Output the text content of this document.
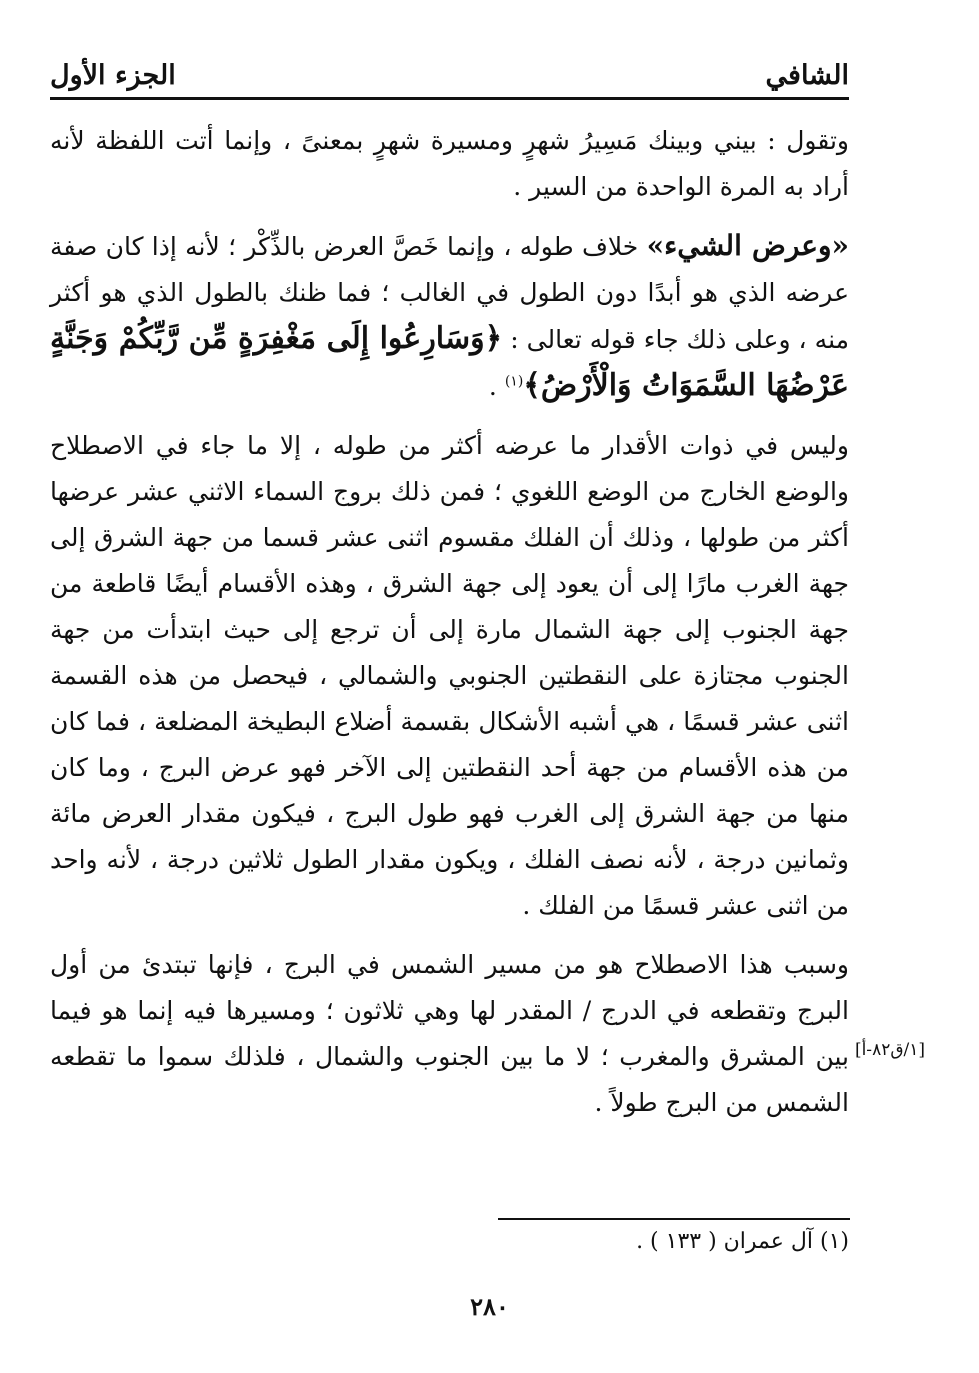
الشافي
الجزء الأول

وتقول : بيني وبينك مَسِيرُ شهرٍ ومسيرة شهرٍ بمعنىً ، وإنما أتت اللفظة لأنه أراد به المرة الواحدة من السير .

«وعرض الشيء» خلاف طوله ، وإنما خَصَّ العرض بالذِّكْر ؛ لأنه إذا كان صفة عرضه الذي هو أبدًا دون الطول في الغالب ؛ فما ظنك بالطول الذي هو أكثر منه ، وعلى ذلك جاء قوله تعالى : ﴿وَسَارِعُوا إِلَى مَغْفِرَةٍ مِّن رَّبِّكُمْ وَجَنَّةٍ عَرْضُهَا السَّمَوَاتُ وَالْأَرْضُ﴾$^{(١)}$ .

وليس في ذوات الأقدار ما عرضه أكثر من طوله ، إلا ما جاء في الاصطلاح والوضع الخارج من الوضع اللغوي ؛ فمن ذلك بروج السماء الاثني عشر عرضها أكثر من طولها ، وذلك أن الفلك مقسوم اثنى عشر قسما من جهة الشرق إلى جهة الغرب مارًا إلى أن يعود إلى جهة الشرق ، وهذه الأقسام أيضًا قاطعة من جهة الجنوب إلى جهة الشمال مارة إلى أن ترجع إلى حيث ابتدأت من جهة الجنوب مجتازة على النقطتين الجنوبي والشمالي ، فيحصل من هذه القسمة اثنى عشر قسمًا ، هي أشبه الأشكال بقسمة أضلاع البطيخة المضلعة ، فما كان من هذه الأقسام من جهة أحد النقطتين إلى الآخر فهو عرض البرج ، وما كان منها من جهة الشرق إلى الغرب فهو طول البرج ، فيكون مقدار العرض مائة وثمانين درجة ، لأنه نصف الفلك ، ويكون مقدار الطول ثلاثين درجة ، لأنه واحد من اثنى عشر قسمًا من الفلك .

وسبب هذا الاصطلاح هو من مسير الشمس في البرج ، فإنها تبتدئ من أول البرج وتقطعه في الدرج / المقدر لها وهي ثلاثون ؛ ومسيرها فيه إنما هو فيما بين المشرق والمغرب ؛ لا ما بين الجنوب والشمال ، فلذلك سموا ما تقطعه الشمس من البرج طولاً .

[١/ق٨٢-أ]
(١) آل عمران ( ١٣٣ ) .
٢٨٠
